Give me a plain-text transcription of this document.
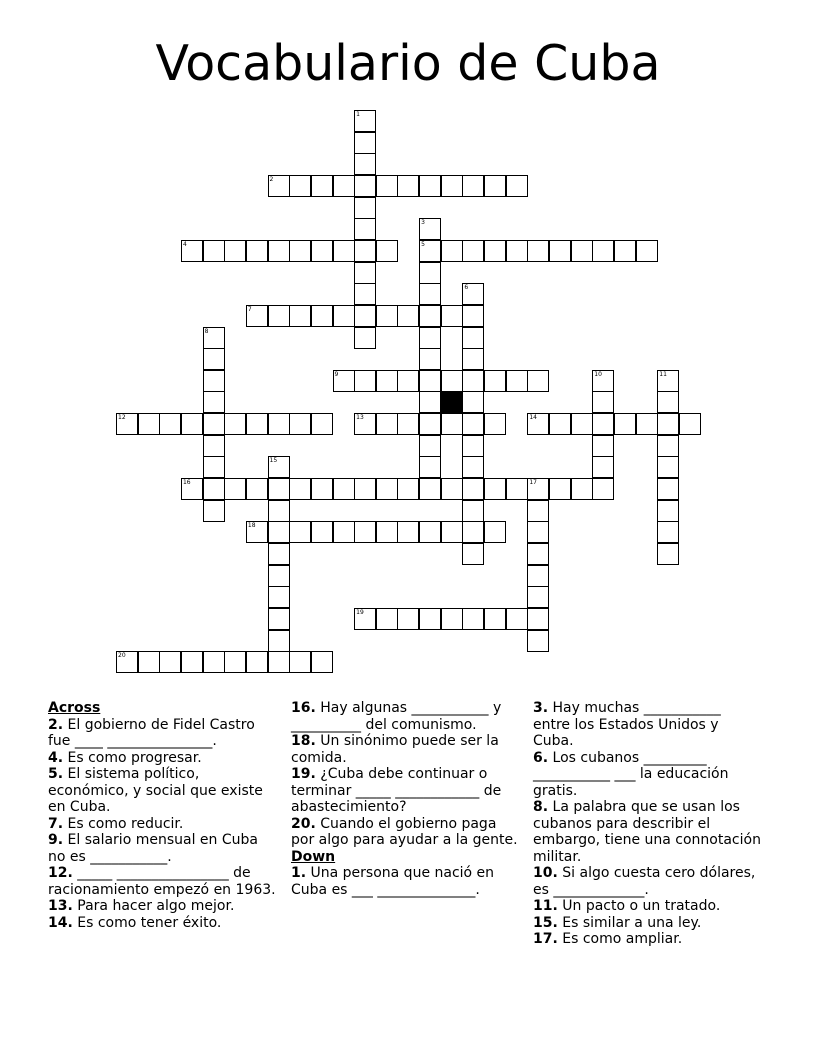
Vocabulario de Cuba
1
2
3
5
4
6
7
8
9	10	11
12	13	14
15
16	17
18
19
20
Across
2. El gobierno de Fidel Castro fue ____ _______________.
4. Es como progresar.
5. El sistema político, económico, y social que existe en Cuba.
7. Es como reducir.
9. El salario mensual en Cuba no es ___________.
12. _____ ________________ de racionamiento empezó en 1963.
13. Para hacer algo mejor.
14. Es como tener éxito.
16. Hay algunas ___________ y __________ del comunismo.
18. Un sinónimo puede ser la comida.
19. ¿Cuba debe continuar o terminar _____ ____________ de abastecimiento?
20. Cuando el gobierno paga por algo para ayudar a la gente.
Down
1. Una persona que nació en Cuba es ___ ______________.
3. Hay muchas ___________ entre los Estados Unidos y Cuba.
6. Los cubanos _________ ___________ ___ la educación gratis.
8. La palabra que se usan los cubanos para describir el embargo, tiene una connotación militar.
10. Si algo cuesta cero dólares, es _____________.
11. Un pacto o un tratado.
15. Es similar a una ley.
17. Es como ampliar.
